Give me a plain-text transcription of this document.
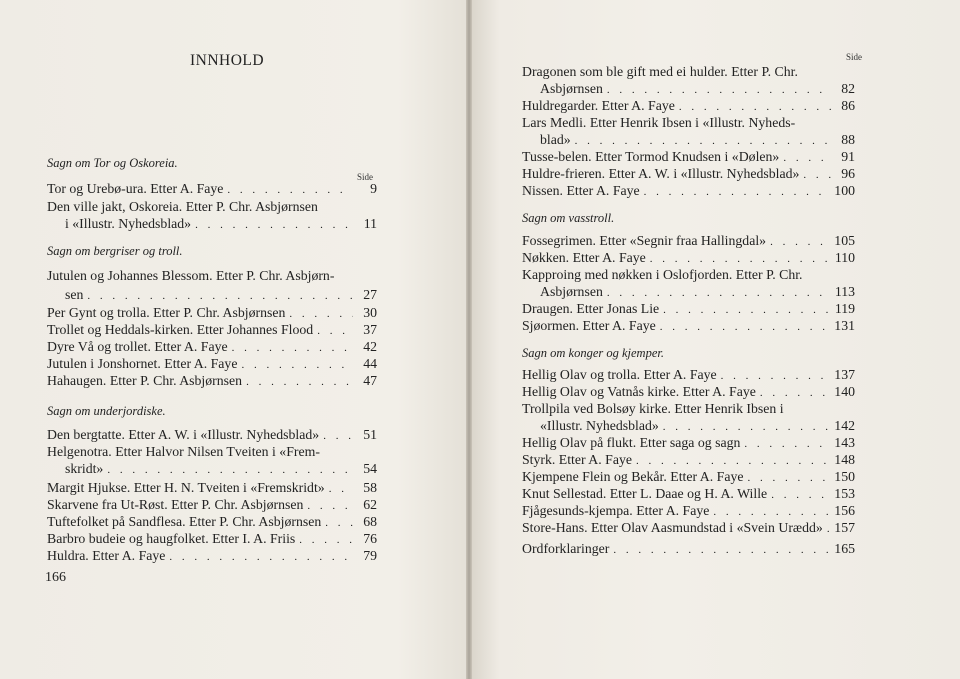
INNHOLD
Side
Sagn om Tor og Oskoreia.
Tor og Urebø-ura. Etter A. Faye . . .	9
Den ville jakt, Oskoreia. Etter P. Chr. Asbjørnsen
i «Illustr. Nyhedsblad» . . .	11
Sagn om bergriser og troll.
Jutulen og Johannes Blessom. Etter P. Chr. Asbjørn-
sen . . .	27
Per Gynt og trolla. Etter P. Chr. Asbjørnsen . . .	30
Trollet og Heddals-kirken. Etter Johannes Flood . . .	37
Dyre Vå og trollet. Etter A. Faye . . .	42
Jutulen i Jonshornet. Etter A. Faye . . .	44
Hahaugen. Etter P. Chr. Asbjørnsen . . .	47
Sagn om underjordiske.
Den bergtatte. Etter A. W. i «Illustr. Nyhedsblad» . . .	51
Helgenotra. Etter Halvor Nilsen Tveiten i «Frem-
skridt» . . .	54
Margit Hjukse. Etter H. N. Tveiten i «Fremskridt» . . .	58
Skarvene fra Ut-Røst. Etter P. Chr. Asbjørnsen . . .	62
Tuftefolket på Sandflesa. Etter P. Chr. Asbjørnsen . . .	68
Barbro budeie og haugfolket. Etter I. A. Friis . . .	76
Huldra. Etter A. Faye . . .	79
Side
Dragonen som ble gift med ei hulder. Etter P. Chr.
Asbjørnsen . . .	82
Huldregarder. Etter A. Faye . . .	86
Lars Medli. Etter Henrik Ibsen i «Illustr. Nyheds-
blad» . . .	88
Tusse-belen. Etter Tormod Knudsen i «Dølen» . . .	91
Huldre-frieren. Etter A. W. i «Illustr. Nyhedsblad» . . .	96
Nissen. Etter A. Faye . . .	100
Sagn om vasstroll.
Fossegrimen. Etter «Segnir fraa Hallingdal» . . .	105
Nøkken. Etter A. Faye . . .	110
Kapproing med nøkken i Oslofjorden. Etter P. Chr.
Asbjørnsen . . .	113
Draugen. Etter Jonas Lie . . .	119
Sjøormen. Etter A. Faye . . .	131
Sagn om konger og kjemper.
Hellig Olav og trolla. Etter A. Faye . . .	137
Hellig Olav og Vatnås kirke. Etter A. Faye . . .	140
Trollpila ved Bolsøy kirke. Etter Henrik Ibsen i
«Illustr. Nyhedsblad» . . .	142
Hellig Olav på flukt. Etter saga og sagn . . .	143
Styrk. Etter A. Faye . . .	148
Kjempene Flein og Bekår. Etter A. Faye . . .	150
Knut Sellestad. Etter L. Daae og H. A. Wille . . .	153
Fjågesunds-kjempa. Etter A. Faye . . .	156
Store-Hans. Etter Olav Aasmundstad i «Svein Urædd» . . . 157
Ordforklaringer . . .	165
166
